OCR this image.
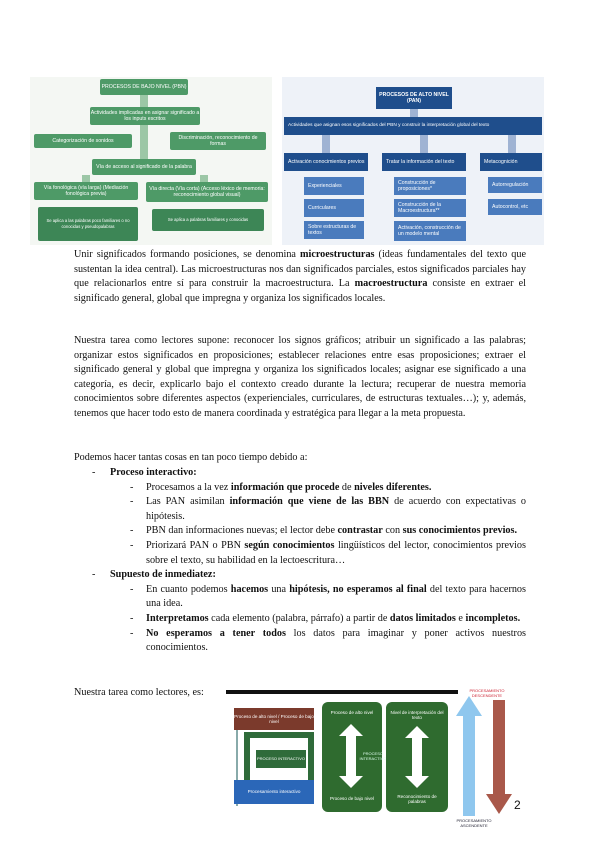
PROCESOS DE BAJO NIVEL (PBN)
Actividades implicadas en asignar significado a los inputs escritos
Categorización de sonidos	Discriminación, reconocimiento de formas
Vía de acceso al significado de la palabra
Vía fonológica (vía larga) (Mediación fonológica previa)
Vía directa (Vía corta) (Acceso léxico de memoria: reconocimiento global visual)
Se aplica a las palabras poco familiares o no conocidas y pseudopalabras
Se aplica a palabras familiares y conocidas
PROCESOS DE ALTO NIVEL (PAN)
Actividades que asignan esos significados del PBN y construir la interpretación global del texto
Activación conocimientos previos	Tratar la información del texto	Metacognición
Experienciales
Curriculares
Sobre estructuras de textos
Construcción de proposiciones*
Construcción de la Macroestructura**
Activación, construcción de un modelo mental
Autorregulación
Autocontrol, etc

Unir significados formando posiciones, se denomina microestructuras (ideas fundamentales del texto que sustentan la idea central). Las microestructuras nos dan significados parciales, estos significados parciales hay que relacionarlos entre sí para construir la macroestructura. La macroestructura consiste en extraer el significado general, global que impregna y organiza los significados locales.

Nuestra tarea como lectores supone: reconocer los signos gráficos; atribuir un significado a las palabras; organizar estos significados en proposiciones; establecer relaciones entre esas proposiciones; extraer el significado general y global que impregna y organiza los significados locales; asignar ese significado a una categoría, es decir, explicarlo bajo el contexto creado durante la lectura; recuperar de nuestra memoria conocimientos sobre diferentes aspectos (experienciales, curriculares, de estructuras textuales…); y, además, tenemos que hacer todo esto de manera coordinada y estratégica para llegar a la meta propuesta.

Podemos hacer tantas cosas en tan poco tiempo debido a:

- Proceso interactivo:
- Procesamos a la vez información que procede de niveles diferentes.
- Las PAN asimilan información que viene de las BBN de acuerdo con expectativas o hipótesis.
- PBN dan informaciones nuevas; el lector debe contrastar con sus conocimientos previos.
- Priorizará PAN o PBN según conocimientos lingüísticos del lector, conocimientos previos sobre el texto, su habilidad en la lectoescritura…
- Supuesto de inmediatez:
- En cuanto podemos hacemos una hipótesis, no esperamos al final del texto para hacernos una idea.
- Interpretamos cada elemento (palabra, párrafo) a partir de datos limitados e incompletos.
- No esperamos a tener todos los datos para imaginar y poner activos nuestros conocimientos.

Nuestra tarea como lectores, es:	PROCESAMIENTO DESCENDENTE
Proceso de alto nivel / Proceso de bajo nivel
PROCESO INTERACTIVO
Procesamiento interactivo
Proceso de alto nivel
Proceso de bajo nivel
PROCESO INTERACTIVO
Nivel de interpretación del texto
Reconocimiento de palabras
PROCESAMIENTO ASCENDENTE
2
